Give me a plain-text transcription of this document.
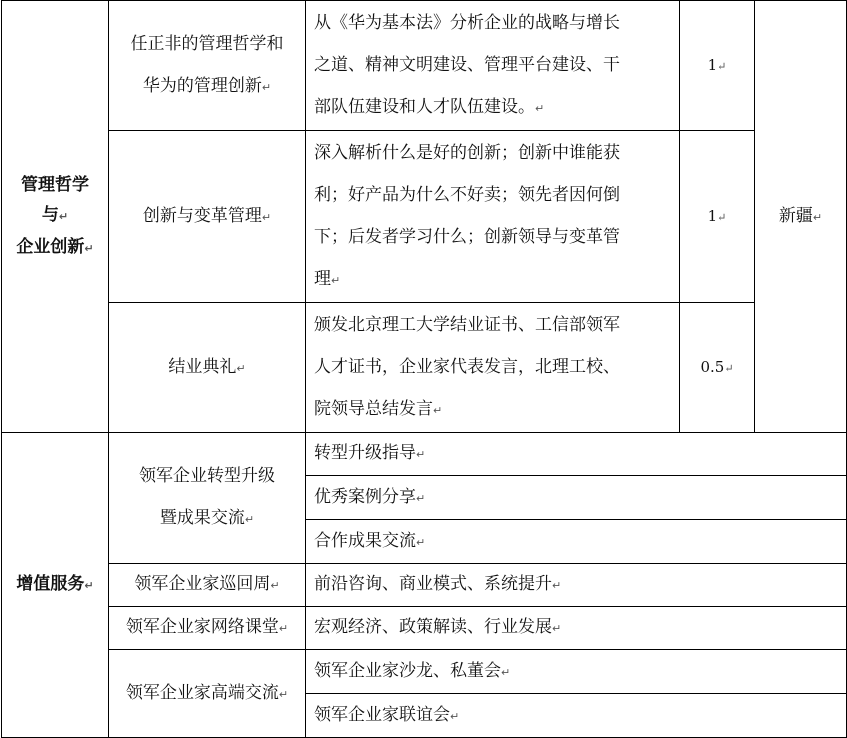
管理哲学
与↵
企业创新↵	任正非的管理哲学和
华为的管理创新↵	从《华为基本法》分析企业的战略与增长
之道、精神文明建设、管理平台建设、干
部队伍建设和人才队伍建设。↵	1↵	新疆↵
	创新与变革管理↵	深入解析什么是好的创新；创新中谁能获
利；好产品为什么不好卖；领先者因何倒
下；后发者学习什么；创新领导与变革管
理↵	1↵	
	结业典礼↵	颁发北京理工大学结业证书、工信部领军
人才证书，企业家代表发言，北理工校、
院领导总结发言↵	0.5↵	
增值服务↵	领军企业转型升级
暨成果交流↵	转型升级指导↵		
		优秀案例分享↵		
		合作成果交流↵		
	领军企业家巡回周↵	前沿咨询、商业模式、系统提升↵		
	领军企业家网络课堂↵	宏观经济、政策解读、行业发展↵		
	领军企业家高端交流↵	领军企业家沙龙、私董会↵		
		领军企业家联谊会↵		
